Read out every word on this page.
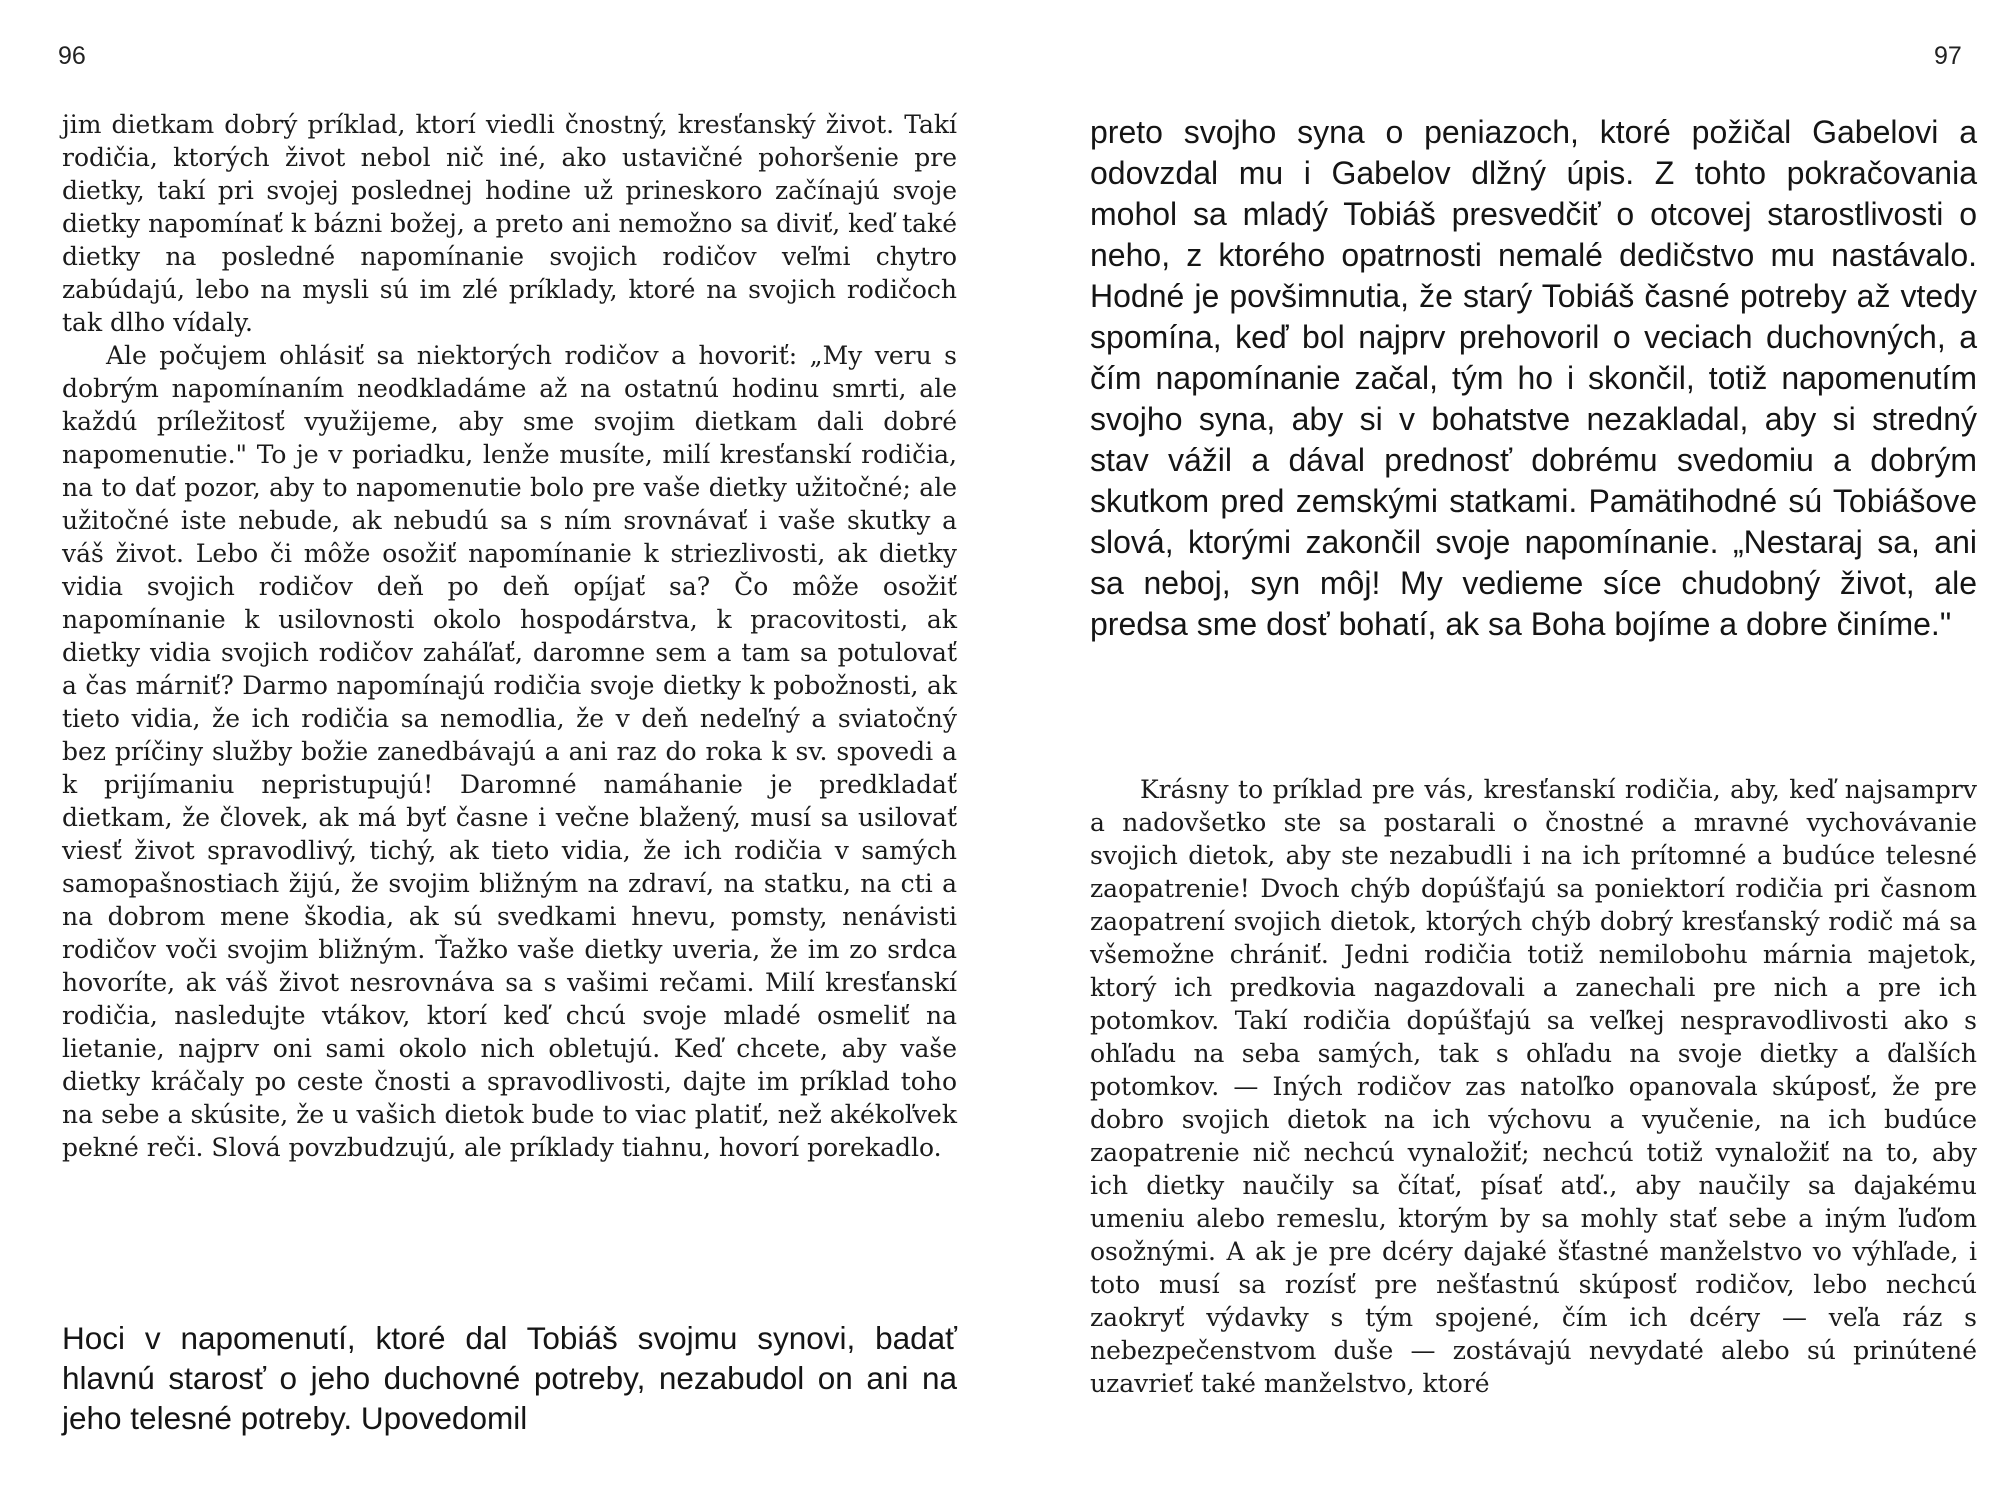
96

jim dietkam dobrý príklad, ktorí viedli čnostný, kresťanský život. Takí rodičia, ktorých život nebol nič iné, ako ustavičné pohoršenie pre dietky, takí pri svojej poslednej hodine už prineskoro začínajú svoje dietky napomínať k bázni božej, a preto ani nemožno sa diviť, keď také dietky na posledné napomínanie svojich rodičov veľmi chytro zabúdajú, lebo na mysli sú im zlé príklady, ktoré na svojich rodičoch tak dlho vídaly.

Ale počujem ohlásiť sa niektorých rodičov a hovoriť: „My veru s dobrým napomínaním neodkladáme až na ostatnú hodinu smrti, ale každú príležitosť využijeme, aby sme svojim dietkam dali dobré napomenutie." To je v poriadku, lenže musíte, milí kresťanskí rodičia, na to dať pozor, aby to napomenutie bolo pre vaše dietky užitočné; ale užitočné iste nebude, ak nebudú sa s ním srovnávať i vaše skutky a váš život. Lebo či môže osožiť napomínanie k striezlivosti, ak dietky vidia svojich rodičov deň po deň opíjať sa? Čo môže osožiť napomínanie k usilovnosti okolo hospodárstva, k pracovitosti, ak dietky vidia svojich rodičov zaháľať, daromne sem a tam sa potulovať a čas márniť? Darmo napomínajú rodičia svoje dietky k pobožnosti, ak tieto vidia, že ich rodičia sa nemodlia, že v deň nedeľný a sviatočný bez príčiny služby božie zanedbávajú a ani raz do roka k sv. spovedi a k prijímaniu nepristupujú! Daromné namáhanie je predkladať dietkam, že človek, ak má byť časne i večne blažený, musí sa usilovať viesť život spravodlivý, tichý, ak tieto vidia, že ich rodičia v samých samopašnostiach žijú, že svojim bližným na zdraví, na statku, na cti a na dobrom mene škodia, ak sú svedkami hnevu, pomsty, nenávisti rodičov voči svojim bližným. Ťažko vaše dietky uveria, že im zo srdca hovoríte, ak váš život nesrovnáva sa s vašimi rečami. Milí kresťanskí rodičia, nasledujte vtákov, ktorí keď chcú svoje mladé osmeliť na lietanie, najprv oni sami okolo nich obletujú. Keď chcete, aby vaše dietky kráčaly po ceste čnosti a spravodlivosti, dajte im príklad toho na sebe a skúsite, že u vašich dietok bude to viac platiť, než akékoľvek pekné reči. Slová povzbudzujú, ale príklady tiahnu, hovorí porekadlo.

Hoci v napomenutí, ktoré dal Tobiáš svojmu synovi, badať hlavnú starosť o jeho duchovné potreby, nezabudol on ani na jeho telesné potreby. Upovedomil

97

preto svojho syna o peniazoch, ktoré požičal Gabelovi a odovzdal mu i Gabelov dlžný úpis. Z tohto pokračovania mohol sa mladý Tobiáš presvedčiť o otcovej starostlivosti o neho, z ktorého opatrnosti nemalé dedičstvo mu nastávalo. Hodné je povšimnutia, že starý Tobiáš časné potreby až vtedy spomína, keď bol najprv prehovoril o veciach duchovných, a čím napomínanie začal, tým ho i skončil, totiž napomenutím svojho syna, aby si v bohatstve nezakladal, aby si stredný stav vážil a dával prednosť dobrému svedomiu a dobrým skutkom pred zemskými statkami. Pamätihodné sú Tobiášove slová, ktorými zakončil svoje napomínanie. „Nestaraj sa, ani sa neboj, syn môj! My vedieme síce chudobný život, ale predsa sme dosť bohatí, ak sa Boha bojíme a dobre činíme."

Krásny to príklad pre vás, kresťanskí rodičia, aby, keď najsamprv a nadovšetko ste sa postarali o čnostné a mravné vychovávanie svojich dietok, aby ste nezabudli i na ich prítomné a budúce telesné zaopatrenie! Dvoch chýb dopúšťajú sa poniektorí rodičia pri časnom zaopatrení svojich dietok, ktorých chýb dobrý kresťanský rodič má sa všemožne chrániť. Jedni rodičia totiž nemilobohu márnia majetok, ktorý ich predkovia nagazdovali a zanechali pre nich a pre ich potomkov. Takí rodičia dopúšťajú sa veľkej nespravodlivosti ako s ohľadu na seba samých, tak s ohľadu na svoje dietky a ďalších potomkov. — Iných rodičov zas natoľko opanovala skúposť, že pre dobro svojich dietok na ich výchovu a vyučenie, na ich budúce zaopatrenie nič nechcú vynaložiť; nechcú totiž vynaložiť na to, aby ich dietky naučily sa čítať, písať atď., aby naučily sa dajakému umeniu alebo remeslu, ktorým by sa mohly stať sebe a iným ľuďom osožnými. A ak je pre dcéry dajaké šťastné manželstvo vo výhľade, i toto musí sa rozísť pre nešťastnú skúposť rodičov, lebo nechcú zaokryť výdavky s tým spojené, čím ich dcéry — veľa ráz s nebezpečenstvom duše — zostávajú nevydaté alebo sú prinútené uzavrieť také manželstvo, ktoré
